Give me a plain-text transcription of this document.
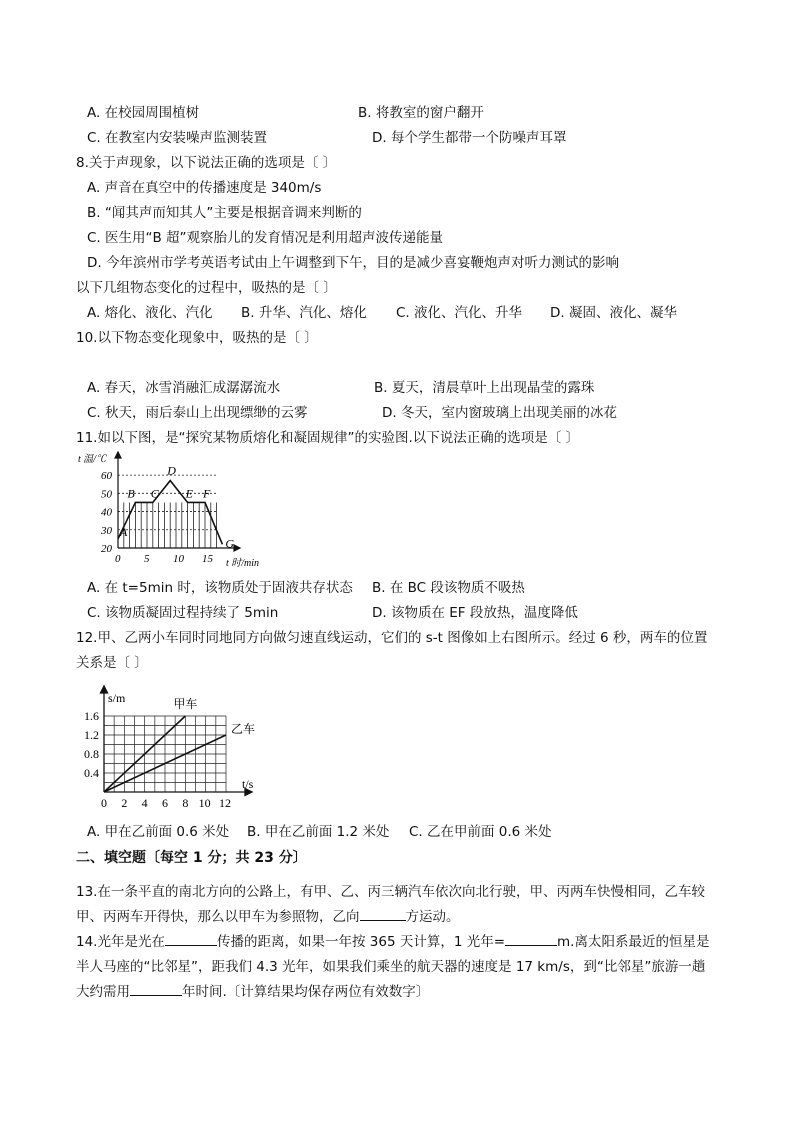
A. 在校园周围植树	B. 将教室的窗户翻开
C. 在教室内安装噪声监测装置	D. 每个学生都带一个防噪声耳罩
8.关于声现象，以下说法正确的选项是〔 〕
A. 声音在真空中的传播速度是 340m/s
B. “闻其声而知其人”主要是根据音调来判断的
C. 医生用“B 超”观察胎儿的发育情况是利用超声波传递能量
D. 今年滨州市学考英语考试由上午调整到下午，目的是减少喜宴鞭炮声对听力测试的影响
以下几组物态变化的过程中，吸热的是〔 〕
A. 熔化、液化、汽化 B. 升华、汽化、熔化 C. 液化、汽化、升华 D. 凝固、液化、凝华
10.以下物态变化现象中，吸热的是〔 〕
A. 春天，冰雪消融汇成潺潺流水	B. 夏天，清晨草叶上出现晶莹的露珠
C. 秋天，雨后泰山上出现缥缈的云雾	D. 冬天，室内窗玻璃上出现美丽的冰花
11.如以下图，是“探究某物质熔化和凝固规律”的实验图.以下说法正确的选项是〔 〕
20
30
40
50
60
0 5 10 15
A
B C
D
E F
G
t 温/℃
t 时/min
A. 在 t=5min 时，该物质处于固液共存状态 B. 在 BC 段该物质不吸热
C. 该物质凝固过程持续了 5min	D. 该物质在 EF 段放热，温度降低
12.甲、乙两小车同时同地同方向做匀速直线运动，它们的 s-t 图像如上右图所示。经过 6 秒，两车的位置
关系是〔 〕
0.4
0.8
1.2
1.6
0 2 4 6 8 10 12
甲车
乙车
s/m
t/s
A. 甲在乙前面 0.6 米处 B. 甲在乙前面 1.2 米处 C. 乙在甲前面 0.6 米处
二、填空题〔每空 1 分；共 23 分〕
13.在一条平直的南北方向的公路上，有甲、乙、丙三辆汽车依次向北行驶，甲、丙两车快慢相同，乙车较
甲、丙两车开得快，那么以甲车为参照物，乙向	方运动。
14.光年是光在	传播的距离，如果一年按 365 天计算，1 光年=	m.离太阳系最近的恒星是
半人马座的“比邻星”，距我们 4.3 光年，如果我们乘坐的航天器的速度是 17 km/s，到“比邻星”旅游一趟
大约需用	年时间.〔计算结果均保存两位有效数字〕
